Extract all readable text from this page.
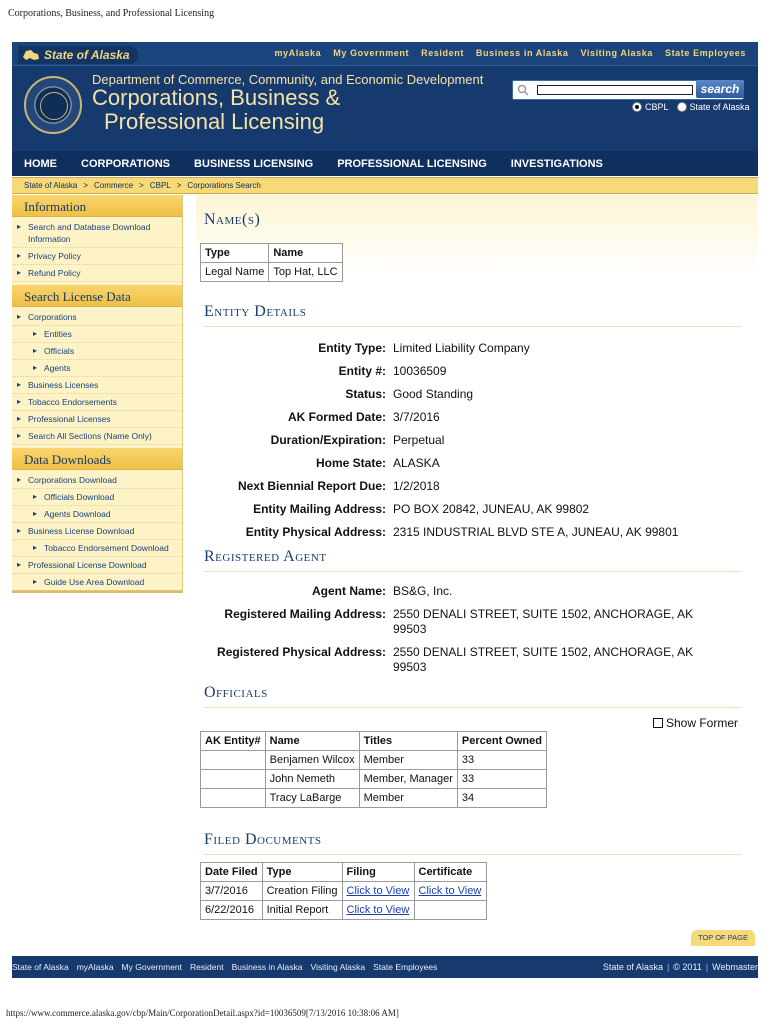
Corporations, Business, and Professional Licensing
State of Alaska	myAlaska My Government Resident Business in Alaska Visiting Alaska State Employees
Department of Commerce, Community, and Economic Development
Corporations, Business &
Professional Licensing
search
CBPL State of Alaska
HOME	CORPORATIONS	BUSINESS LICENSING	PROFESSIONAL LICENSING	INVESTIGATIONS
State of Alaska > Commerce > CBPL > Corporations Search
Information
▸ Search and Database Download Information
▸ Privacy Policy
▸ Refund Policy
Search License Data
▸ Corporations
▸ Entities
▸ Officials
▸ Agents
▸ Business Licenses
▸ Tobacco Endorsements
▸ Professional Licenses
▸ Search All Sections (Name Only)
Data Downloads
▸ Corporations Download
▸ Officials Download
▸ Agents Download
▸ Business License Download
▸ Tobacco Endorsement Download
▸ Professional License Download
▸ Guide Use Area Download
Name(s)
Type	Name
Legal Name	Top Hat, LLC
Entity Details
Entity Type: Limited Liability Company
Entity #: 10036509
Status: Good Standing
AK Formed Date: 3/7/2016
Duration/Expiration: Perpetual
Home State: ALASKA
Next Biennial Report Due: 1/2/2018
Entity Mailing Address: PO BOX 20842, JUNEAU, AK 99802
Entity Physical Address: 2315 INDUSTRIAL BLVD STE A, JUNEAU, AK 99801
Registered Agent
Agent Name: BS&G, Inc.
Registered Mailing Address: 2550 DENALI STREET, SUITE 1502, ANCHORAGE, AK 99503
Registered Physical Address: 2550 DENALI STREET, SUITE 1502, ANCHORAGE, AK 99503
Officials
Show Former
AK Entity#	Name	Titles	Percent Owned
	Benjamen Wilcox	Member	33
	John Nemeth	Member, Manager	33
	Tracy LaBarge	Member	34
Filed Documents
Date Filed	Type	Filing	Certificate
3/7/2016	Creation Filing	Click to View	Click to View
6/22/2016	Initial Report	Click to View	
TOP OF PAGE
State of Alaska myAlaska My Government Resident Business in Alaska Visiting Alaska State Employees	State of Alaska | © 2011 | Webmaster
https://www.commerce.alaska.gov/cbp/Main/CorporationDetail.aspx?id=10036509[7/13/2016 10:38:06 AM]
